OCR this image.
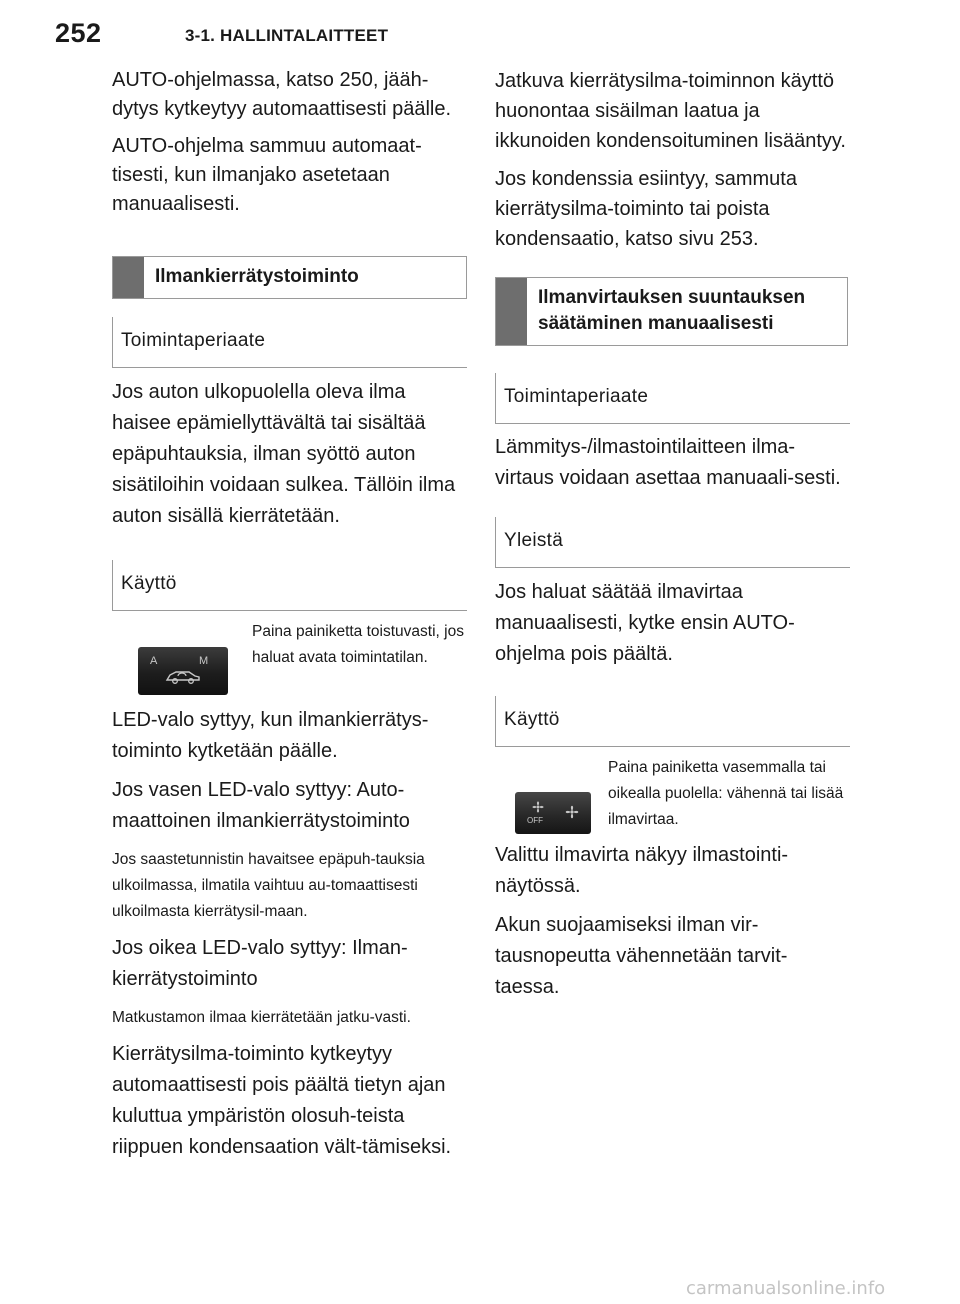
252	3-1. HALLINTALAITTEET

AUTO-ohjelmassa, katso 250, jääh-dytys kytkeytyy automaattisesti päälle.

AUTO-ohjelma sammuu automaat-tisesti, kun ilmanjako asetetaan manuaalisesti.

Ilmankierrätystoiminto
Toimintaperiaate

Jos auton ulkopuolella oleva ilma haisee epämiellyttävältä tai sisältää epäpuhtauksia, ilman syöttö auton sisätiloihin voidaan sulkea. Tällöin ilma auton sisällä kierrätetään.

Käyttö
A	M
Paina painiketta toistuvasti, jos haluat avata toimintatilan.

LED-valo syttyy, kun ilmankierrätys-toiminto kytketään päälle.

Jos vasen LED-valo syttyy: Auto-maattoinen ilmankierrätystoiminto

Jos saastetunnistin havaitsee epäpuh-tauksia ulkoilmassa, ilmatila vaihtuu au-tomaattisesti ulkoilmasta kierrätysil-maan.

Jos oikea LED-valo syttyy: Ilman-kierrätystoiminto

Matkustamon ilmaa kierrätetään jatku-vasti.

Kierrätysilma-toiminto kytkeytyy automaattisesti pois päältä tietyn ajan kuluttua ympäristön olosuh-teista riippuen kondensaation vält-tämiseksi.

Jatkuva kierrätysilma-toiminnon käyttö huonontaa sisäilman laatua ja ikkunoiden kondensoituminen lisääntyy.

Jos kondenssia esiintyy, sammuta kierrätysilma-toiminto tai poista kondensaatio, katso sivu 253.

Ilmanvirtauksen suuntauksen säätäminen manuaalisesti
Toimintaperiaate

Lämmitys-/ilmastointilaitteen ilma-virtaus voidaan asettaa manuaali-sesti.

Yleistä

Jos haluat säätää ilmavirtaa manuaalisesti, kytke ensin AUTO-ohjelma pois päältä.

Käyttö
OFF
Paina painiketta vasemmalla tai oikealla puolella: vähennä tai lisää ilmavirtaa.

Valittu ilmavirta näkyy ilmastointi-näytössä.

Akun suojaamiseksi ilman vir-tausnopeutta vähennetään tarvit-taessa.

carmanualsonline.info
